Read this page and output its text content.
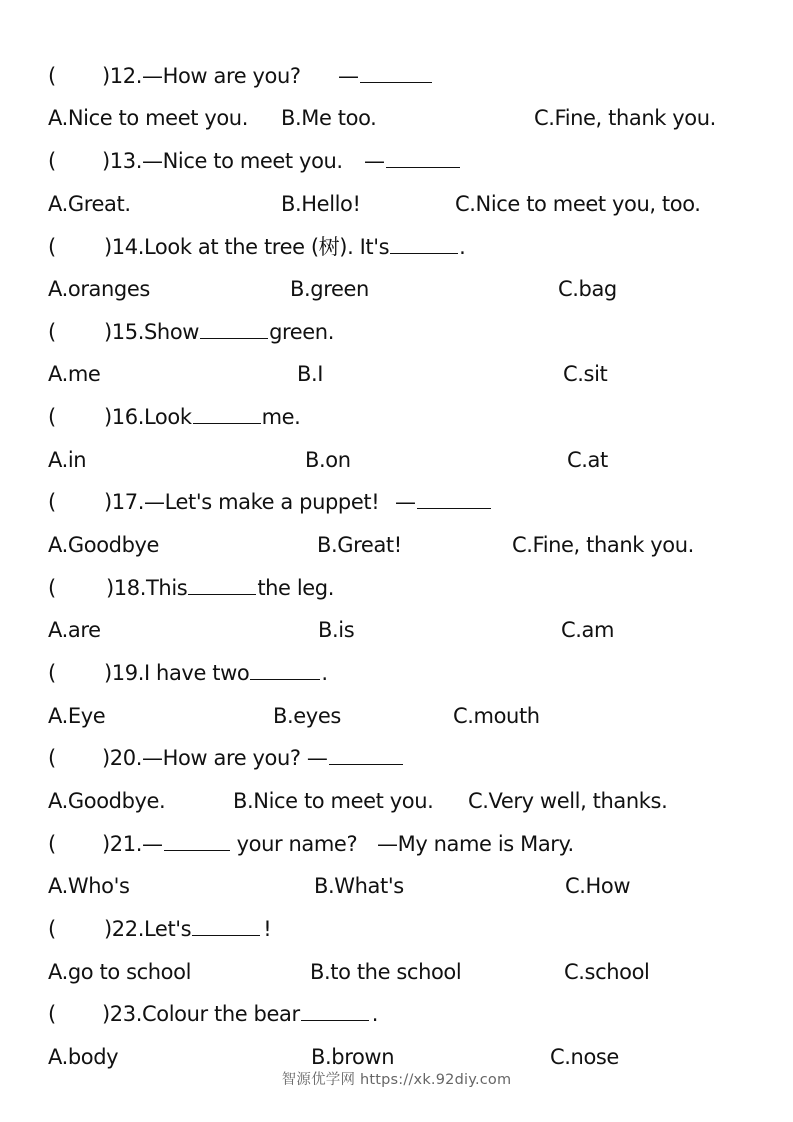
( )12.—How are you? —
A.Nice to meet you. B.Me too.	C.Fine, thank you.
( )13.—Nice to meet you. —
A.Great.	B.Hello!	C.Nice to meet you, too.
( )14.Look at the tree (树). It's	.
A.oranges	B.green	C.bag
( )15.Show	green.
A.me	B.I	C.sit
( )16.Look	me.
A.in	B.on	C.at
( )17.—Let's make a puppet! —
A.Goodbye	B.Great!	C.Fine, thank you.
( )18.This	the leg.
A.are	B.is	C.am
( )19.I have two	.
A.Eye	B.eyes	C.mouth
( )20.—How are you? —
A.Goodbye.	B.Nice to meet you. C.Very well, thanks.
( )21.—	your name? —My name is Mary.
A.Who's	B.What's	C.How
( )22.Let's	!
A.go to school	B.to the school	C.school
( )23.Colour the bear	.
A.body	B.brown	C.nose
智源优学网 https://xk.92diy.com
